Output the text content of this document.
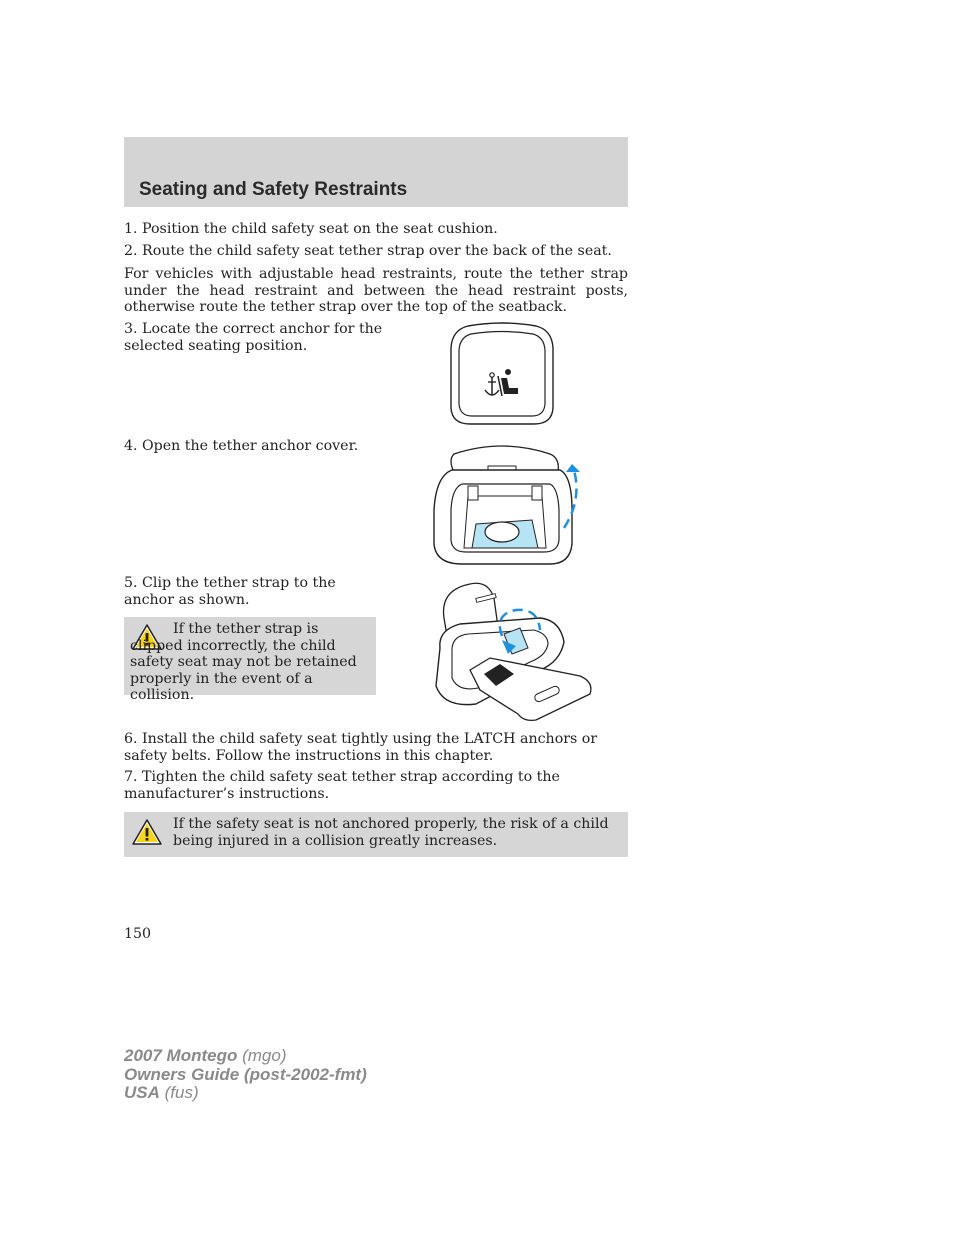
Seating and Safety Restraints

1. Position the child safety seat on the seat cushion.

2. Route the child safety seat tether strap over the back of the seat.

For vehicles with adjustable head restraints, route the tether strap under the head restraint and between the head restraint posts, otherwise route the tether strap over the top of the seatback.

3. Locate the correct anchor for the selected seating position.

4. Open the tether anchor cover.

5. Clip the tether strap to the anchor as shown.

If the tether strap is clipped incorrectly, the child safety seat may not be retained properly in the event of a collision.

6. Install the child safety seat tightly using the LATCH anchors or safety belts. Follow the instructions in this chapter.

7. Tighten the child safety seat tether strap according to the manufacturer’s instructions.

If the safety seat is not anchored properly, the risk of a child being injured in a collision greatly increases.

150

2007 Montego (mgo)
Owners Guide (post-2002-fmt)
USA (fus)
